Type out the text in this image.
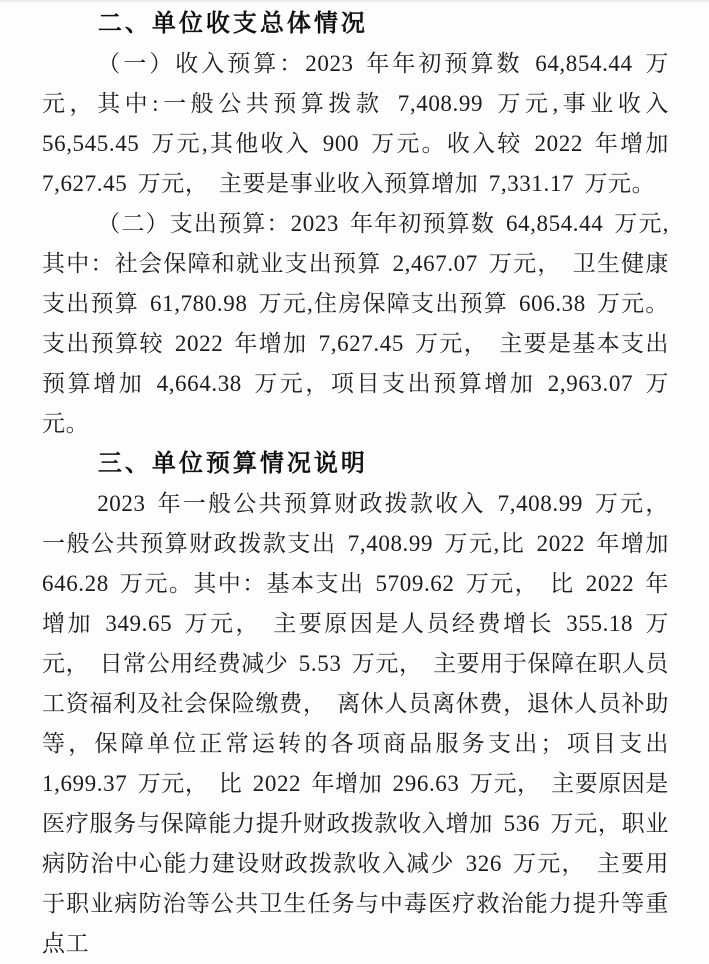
二、单位收支总体情况

（一）收入预算：2023 年年初预算数 64,854.44 万元，其中:一般公共预算拨款 7,408.99 万元,事业收入 56,545.45 万元,其他收入 900 万元。收入较 2022 年增加 7,627.45 万元， 主要是事业收入预算增加 7,331.17 万元。

（二）支出预算：2023 年年初预算数 64,854.44 万元,其中：社会保障和就业支出预算 2,467.07 万元， 卫生健康支出预算 61,780.98 万元,住房保障支出预算 606.38 万元。支出预算较 2022 年增加 7,627.45 万元， 主要是基本支出预算增加 4,664.38 万元，项目支出预算增加 2,963.07 万元。

三、单位预算情况说明

2023 年一般公共预算财政拨款收入 7,408.99 万元， 一般公共预算财政拨款支出 7,408.99 万元,比 2022 年增加 646.28 万元。其中：基本支出 5709.62 万元， 比 2022 年增加 349.65 万元， 主要原因是人员经费增长 355.18 万元， 日常公用经费减少 5.53 万元， 主要用于保障在职人员工资福利及社会保险缴费， 离休人员离休费，退休人员补助等，保障单位正常运转的各项商品服务支出；项目支出 1,699.37 万元， 比 2022 年增加 296.63 万元， 主要原因是医疗服务与保障能力提升财政拨款收入增加 536 万元，职业病防治中心能力建设财政拨款收入减少 326 万元， 主要用于职业病防治等公共卫生任务与中毒医疗救治能力提升等重点工
